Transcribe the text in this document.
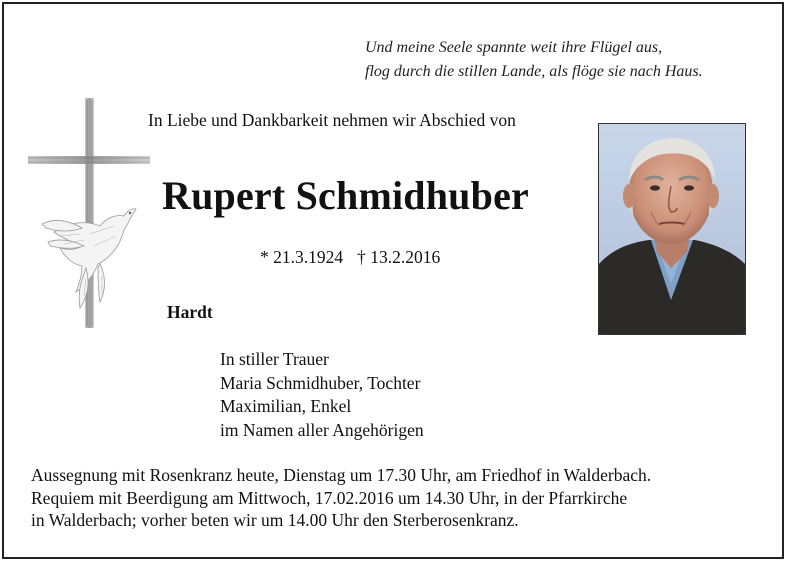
Und meine Seele spannte weit ihre Flügel aus,
flog durch die stillen Lande, als flöge sie nach Haus.
In Liebe und Dankbarkeit nehmen wir Abschied von
Rupert Schmidhuber
* 21.3.1924 † 13.2.2016
Hardt
In stiller Trauer
Maria Schmidhuber, Tochter
Maximilian, Enkel
im Namen aller Angehörigen
Aussegnung mit Rosenkranz heute, Dienstag um 17.30 Uhr, am Friedhof in Walderbach.
Requiem mit Beerdigung am Mittwoch, 17.02.2016 um 14.30 Uhr, in der Pfarrkirche
in Walderbach; vorher beten wir um 14.00 Uhr den Sterberosenkranz.
